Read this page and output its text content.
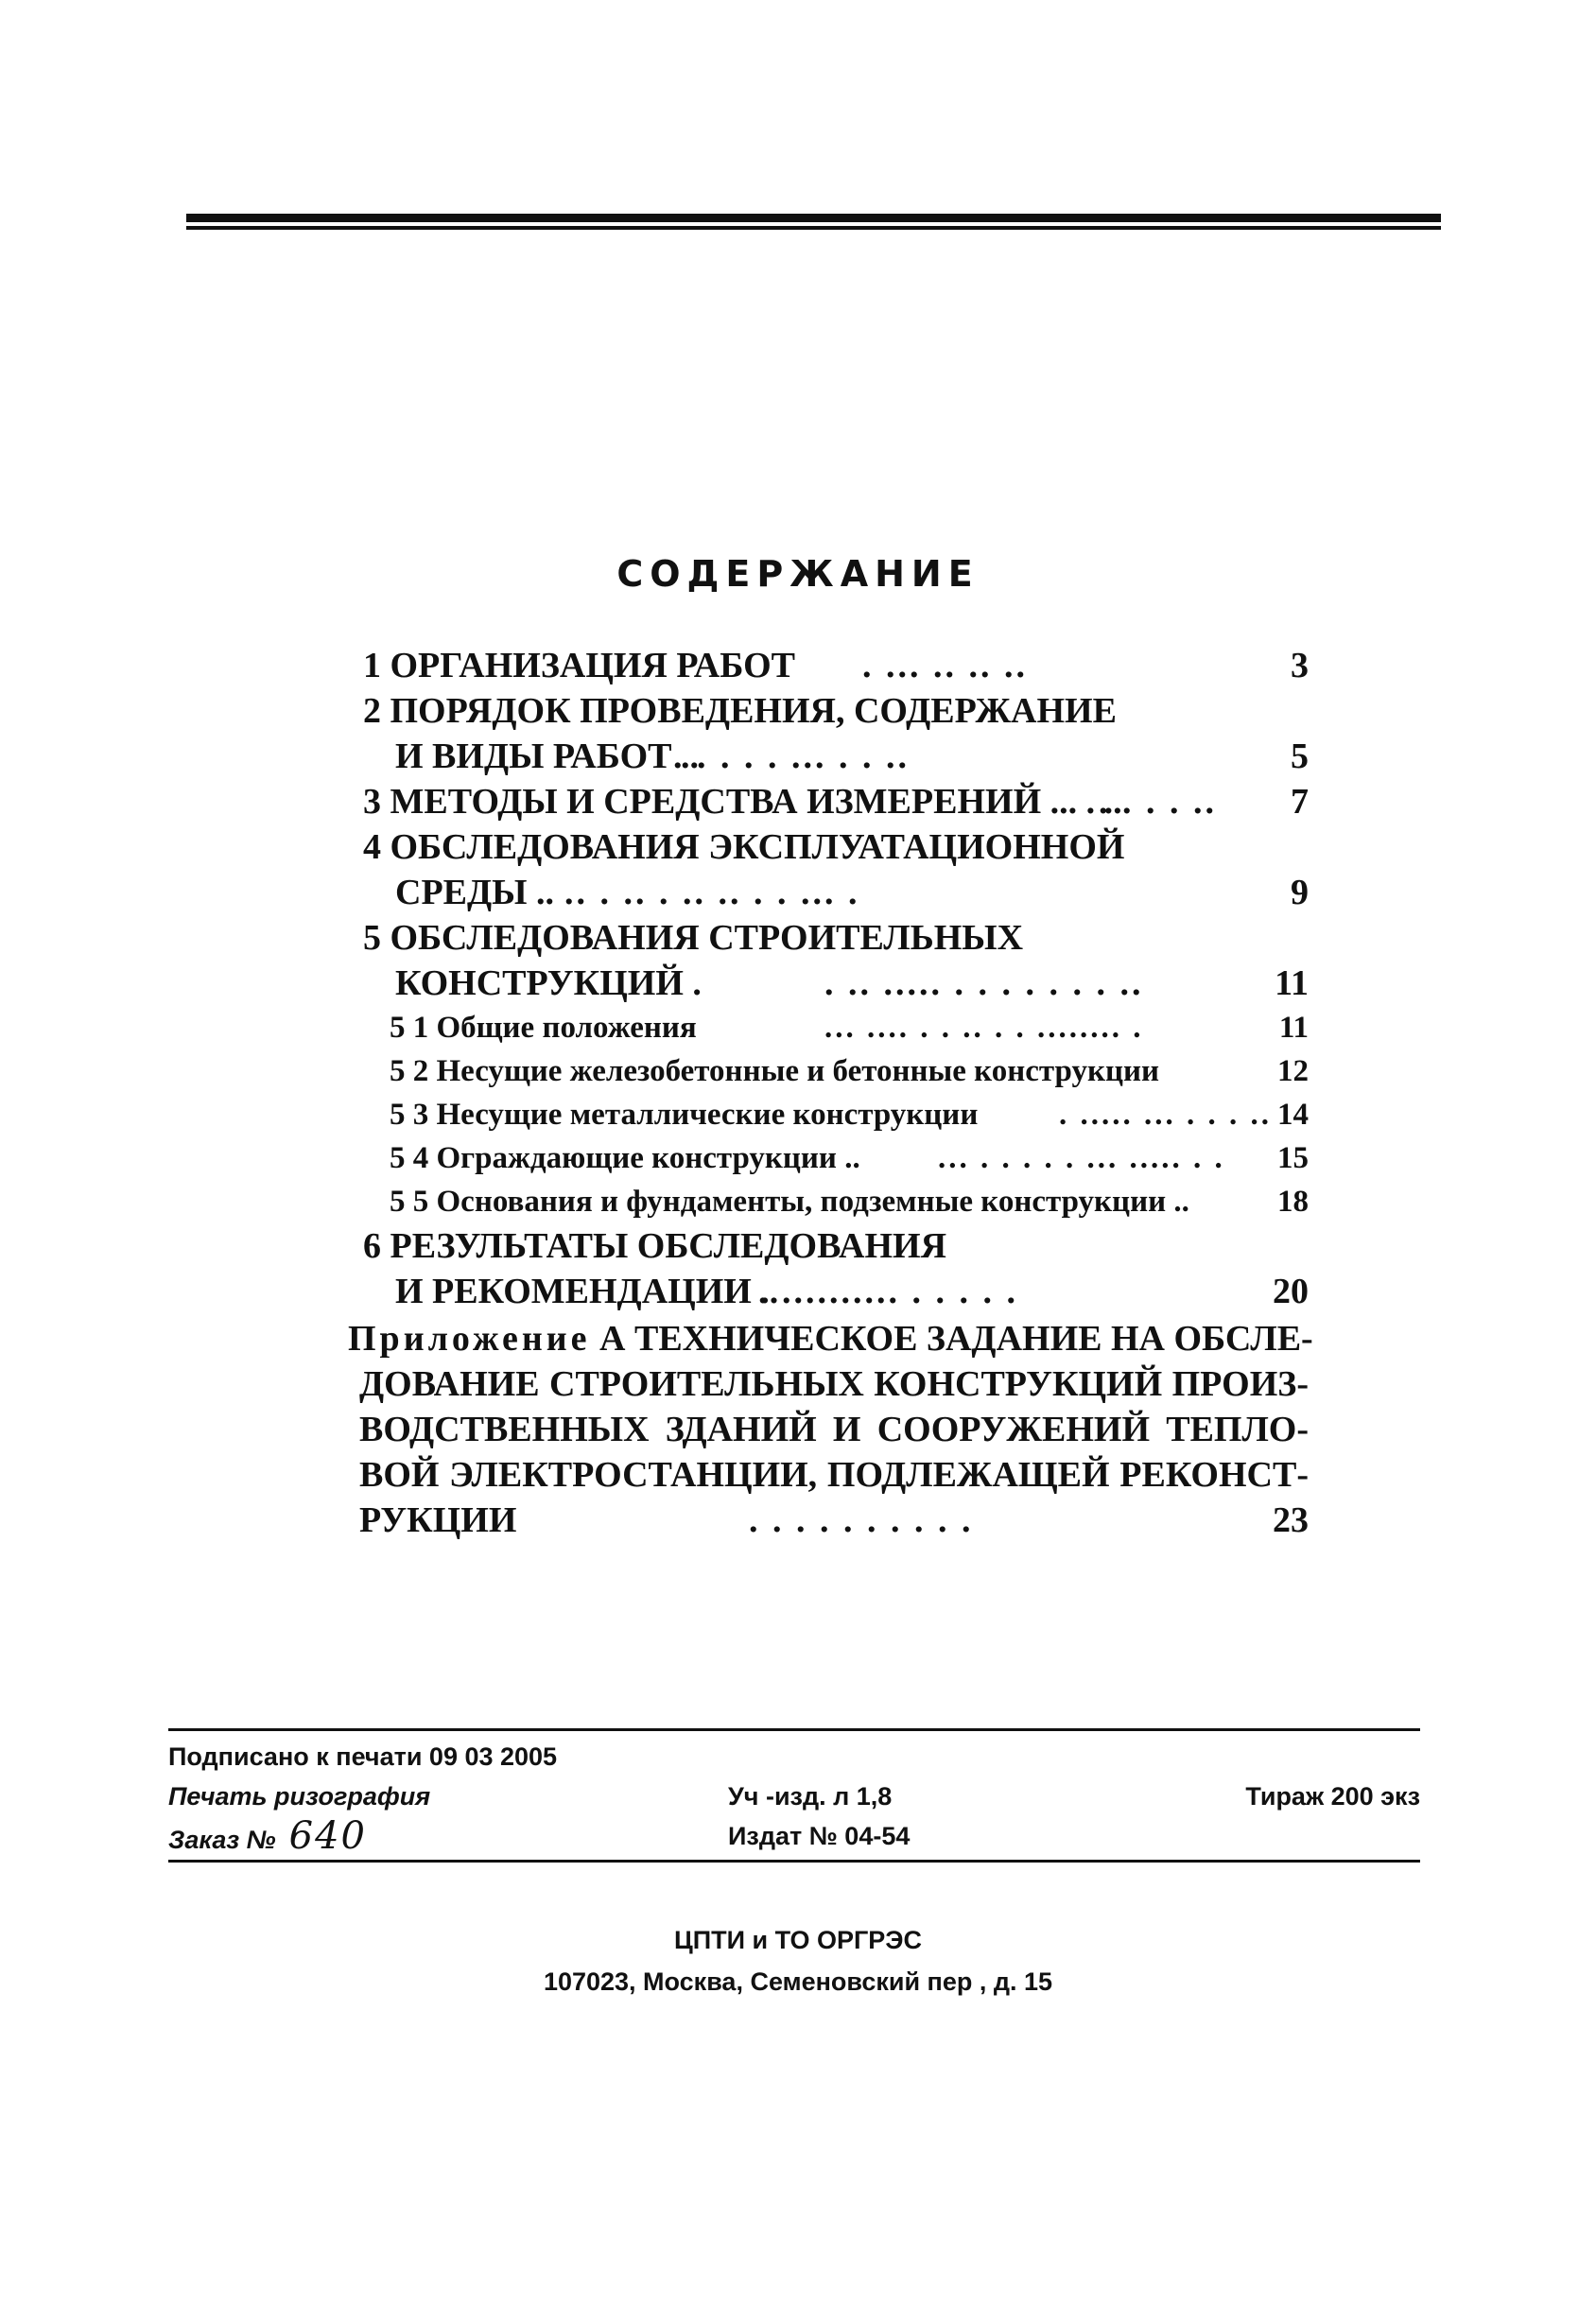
СОДЕРЖАНИЕ
1 ОРГАНИЗАЦИЯ РАБОТ . ... .. .. ..	3
2 ПОРЯДОК ПРОВЕДЕНИЯ, СОДЕРЖАНИЕ
И ВИДЫ РАБОТ ..
. . . . . ... . . ..	5
3 МЕТОДЫ И СРЕДСТВА ИЗМЕРЕНИЙ ... . ..
. . . . .. 7
4 ОБСЛЕДОВАНИЯ ЭКСПЛУАТАЦИОННОЙ
СРЕДЫ .. .. . .. . .. .. . . ... .	9
5 ОБСЛЕДОВАНИЯ СТРОИТЕЛЬНЫХ
КОНСТРУКЦИЙ .	. .. ..... . . . . . . . ..	11
5 1 Общие положения	... .... . . .. . . ........ .	11
5 2 Несущие железобетонные и бетонные конструкции	12
5 3 Несущие металлические конструкции	. ..... ... . . . .. 14
5 4 Ограждающие конструкции .. ... . . . . . ... ..... . . 15
5 5 Основания и фундаменты, подземные конструкции ..	18
6 РЕЗУЛЬТАТЫ ОБСЛЕДОВАНИЯ
И РЕКОМЕНДАЦИИ ..
. .......... . . . . .	20
Приложение А ТЕХНИЧЕСКОЕ ЗАДАНИЕ НА ОБСЛЕ-
ДОВАНИЕ СТРОИТЕЛЬНЫХ КОНСТРУКЦИЙ ПРОИЗ-
ВОДСТВЕННЫХ ЗДАНИЙ И СООРУЖЕНИЙ ТЕПЛО-
ВОЙ ЭЛЕКТРОСТАНЦИИ, ПОДЛЕЖАЩЕЙ РЕКОНСТ-
РУКЦИИ	. . . . . . . . . .	23
Подписано к печати 09 03 2005
Печать ризография	Уч -изд. л 1,8	Тираж 200 экз
Заказ № 640	Издат № 04-54
ЦПТИ и ТО ОРГРЭС
107023, Москва, Семеновский пер , д. 15
